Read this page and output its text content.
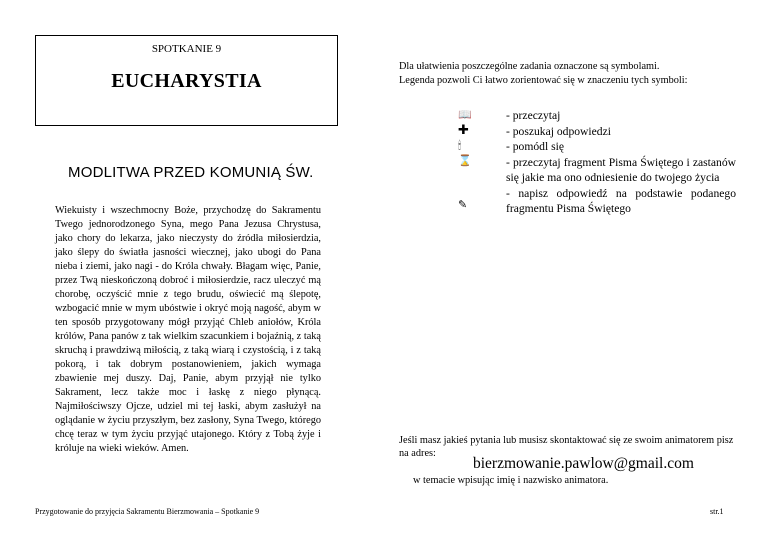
SPOTKANIE 9
EUCHARYSTIA
MODLITWA PRZED KOMUNIĄ ŚW.
Wiekuisty i wszechmocny Boże, przychodzę do Sakramentu Twego jednorodzonego Syna, mego Pana Jezusa Chrystusa, jako chory do lekarza, jako nieczysty do źródła miłosierdzia, jako ślepy do światła jasności wiecznej, jako ubogi do Pana nieba i ziemi, jako nagi - do Króla chwały. Błagam więc, Panie, przez Twą nieskończoną dobroć i miłosierdzie, racz uleczyć mą chorobę, oczyścić mnie z tego brudu, oświecić mą ślepotę, wzbogacić mnie w mym ubóstwie i okryć moją nagość, abym w ten sposób przygotowany mógł przyjąć Chleb aniołów, Króla królów, Pana panów z tak wielkim szacunkiem i bojaźnią, z taką skruchą i prawdziwą miłością, z taką wiarą i czystością, i z taką pokorą, i tak dobrym postanowieniem, jakich wymaga zbawienie mej duszy. Daj, Panie, abym przyjął nie tylko Sakrament, lecz także moc i łaskę z niego płynącą. Najmiłościwszy Ojcze, udziel mi tej łaski, abym zasłużył na oglądanie w życiu przyszłym, bez zasłony, Syna Twego, którego chcę teraz w tym życiu przyjąć utajonego. Który z Tobą żyje i króluje na wieki wieków. Amen.
Dla ułatwienia poszczególne zadania oznaczone są symbolami.
Legenda pozwoli Ci łatwo zorientować się w znaczeniu tych symboli:
📖
✚
🕯
⌛
✎
- przeczytaj
- poszukaj odpowiedzi
- pomódl się
- przeczytaj fragment Pisma Świętego i zastanów się jakie ma ono odniesienie do twojego życia
- napisz odpowiedź na podstawie podanego fragmentu Pisma Świętego
Jeśli masz jakieś pytania lub musisz skontaktować się ze swoim animatorem pisz na adres:
bierzmowanie.pawlow@gmail.com
w temacie wpisując imię i nazwisko animatora.
Przygotowanie do przyjęcia Sakramentu Bierzmowania – Spotkanie 9	str.1
